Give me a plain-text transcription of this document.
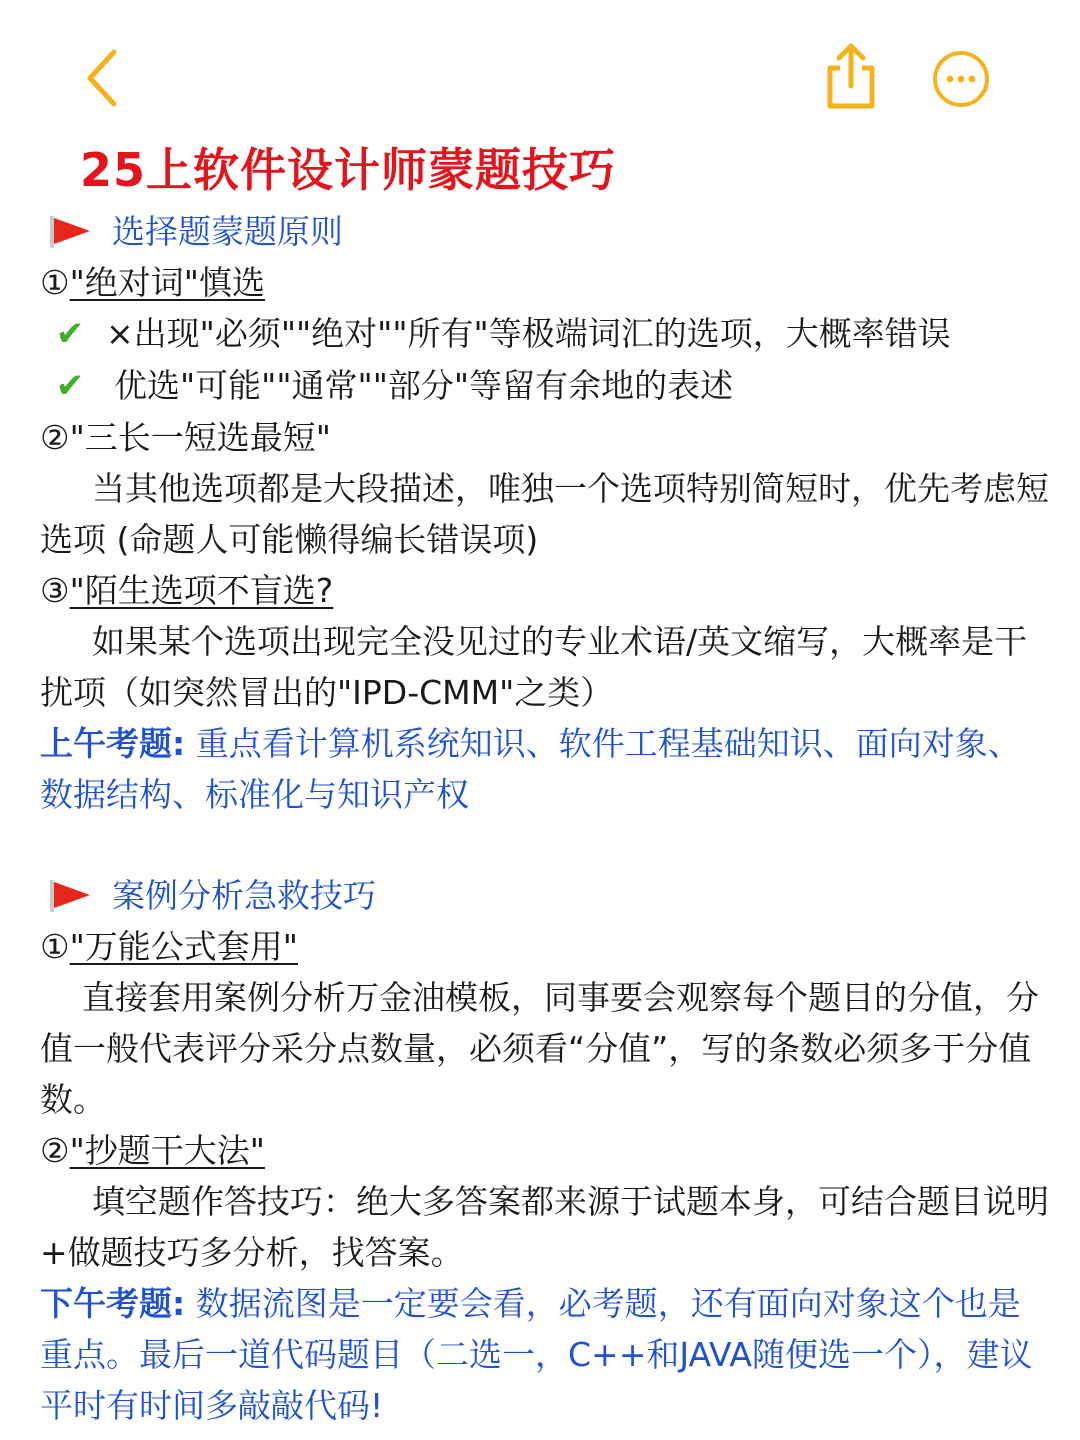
25上软件设计师蒙题技巧
选择题蒙题原则
①"绝对词"慎选
✔ ×出现"必须""绝对""所有"等极端词汇的选项，大概率错误
✔ 优选"可能""通常""部分"等留有余地的表述
②"三长一短选最短"
当其他选项都是大段描述，唯独一个选项特别简短时，优先考虑短选项 (命题人可能懒得编长错误项)
③"陌生选项不盲选?
如果某个选项出现完全没见过的专业术语/英文缩写，大概率是干扰项（如突然冒出的"IPD-CMM"之类）
上午考题: 重点看计算机系统知识、软件工程基础知识、面向对象、数据结构、标准化与知识产权
案例分析急救技巧
①"万能公式套用"
直接套用案例分析万金油模板，同事要会观察每个题目的分值，分值一般代表评分采分点数量，必须看“分值”，写的条数必须多于分值数。
②"抄题干大法"
填空题作答技巧：绝大多答案都来源于试题本身，可结合题目说明+做题技巧多分析，找答案。
下午考题: 数据流图是一定要会看，必考题，还有面向对象这个也是重点。最后一道代码题目（二选一，C++和JAVA随便选一个），建议平时有时间多敲敲代码!
